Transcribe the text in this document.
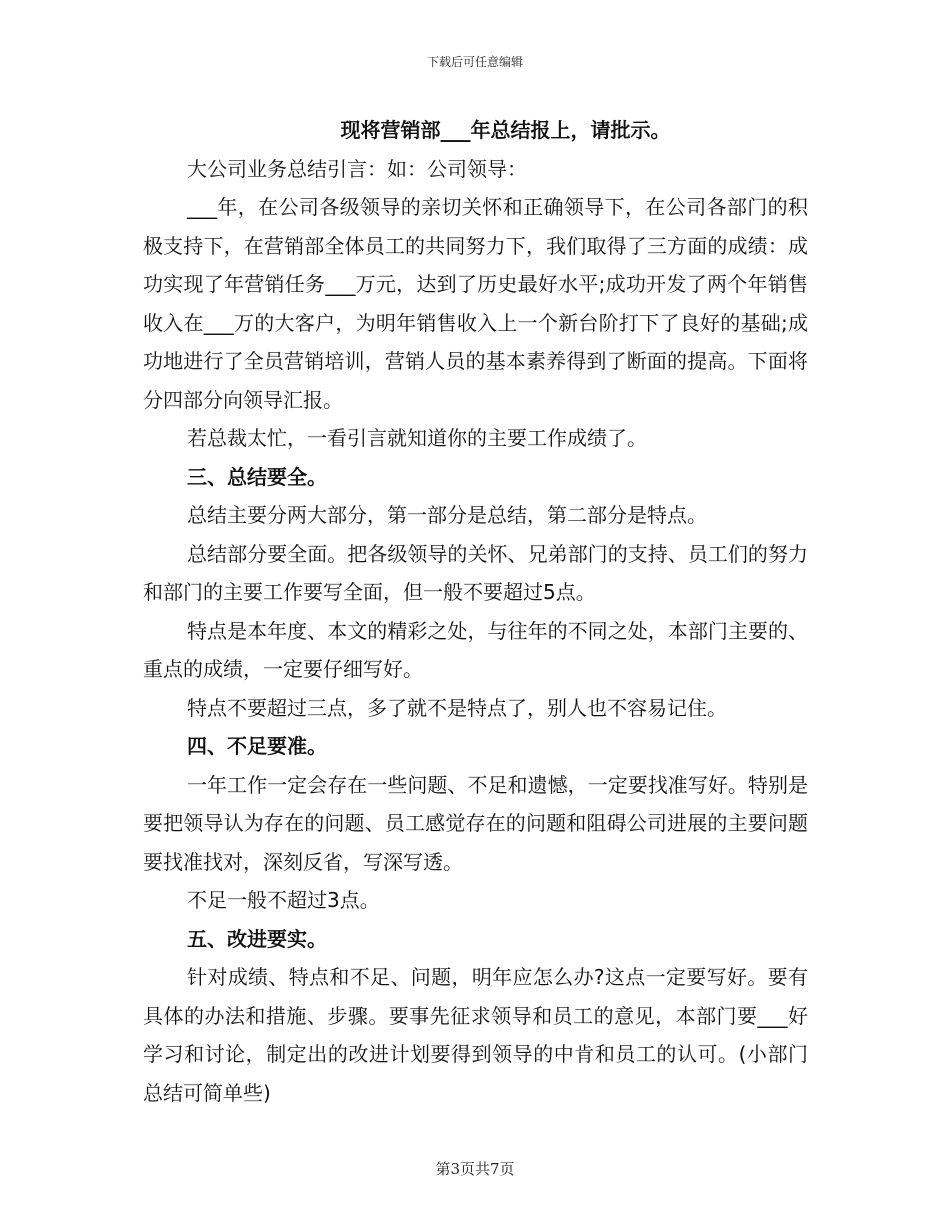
下载后可任意编辑

现将营销部___年总结报上，请批示。

大公司业务总结引言：如：公司领导：

___年，在公司各级领导的亲切关怀和正确领导下，在公司各部门的积极支持下，在营销部全体员工的共同努力下，我们取得了三方面的成绩：成功实现了年营销任务___万元，达到了历史最好水平;成功开发了两个年销售收入在___万的大客户，为明年销售收入上一个新台阶打下了良好的基础;成功地进行了全员营销培训，营销人员的基本素养得到了断面的提高。下面将分四部分向领导汇报。

若总裁太忙，一看引言就知道你的主要工作成绩了。

三、总结要全。

总结主要分两大部分，第一部分是总结，第二部分是特点。

总结部分要全面。把各级领导的关怀、兄弟部门的支持、员工们的努力和部门的主要工作要写全面，但一般不要超过5点。

特点是本年度、本文的精彩之处，与往年的不同之处，本部门主要的、重点的成绩，一定要仔细写好。

特点不要超过三点，多了就不是特点了，别人也不容易记住。

四、不足要准。

一年工作一定会存在一些问题、不足和遗憾，一定要找准写好。特别是要把领导认为存在的问题、员工感觉存在的问题和阻碍公司进展的主要问题要找准找对，深刻反省，写深写透。

不足一般不超过3点。

五、改进要实。

针对成绩、特点和不足、问题，明年应怎么办?这点一定要写好。要有具体的办法和措施、步骤。要事先征求领导和员工的意见，本部门要___好学习和讨论，制定出的改进计划要得到领导的中肯和员工的认可。(小部门总结可简单些)

第3页共7页
